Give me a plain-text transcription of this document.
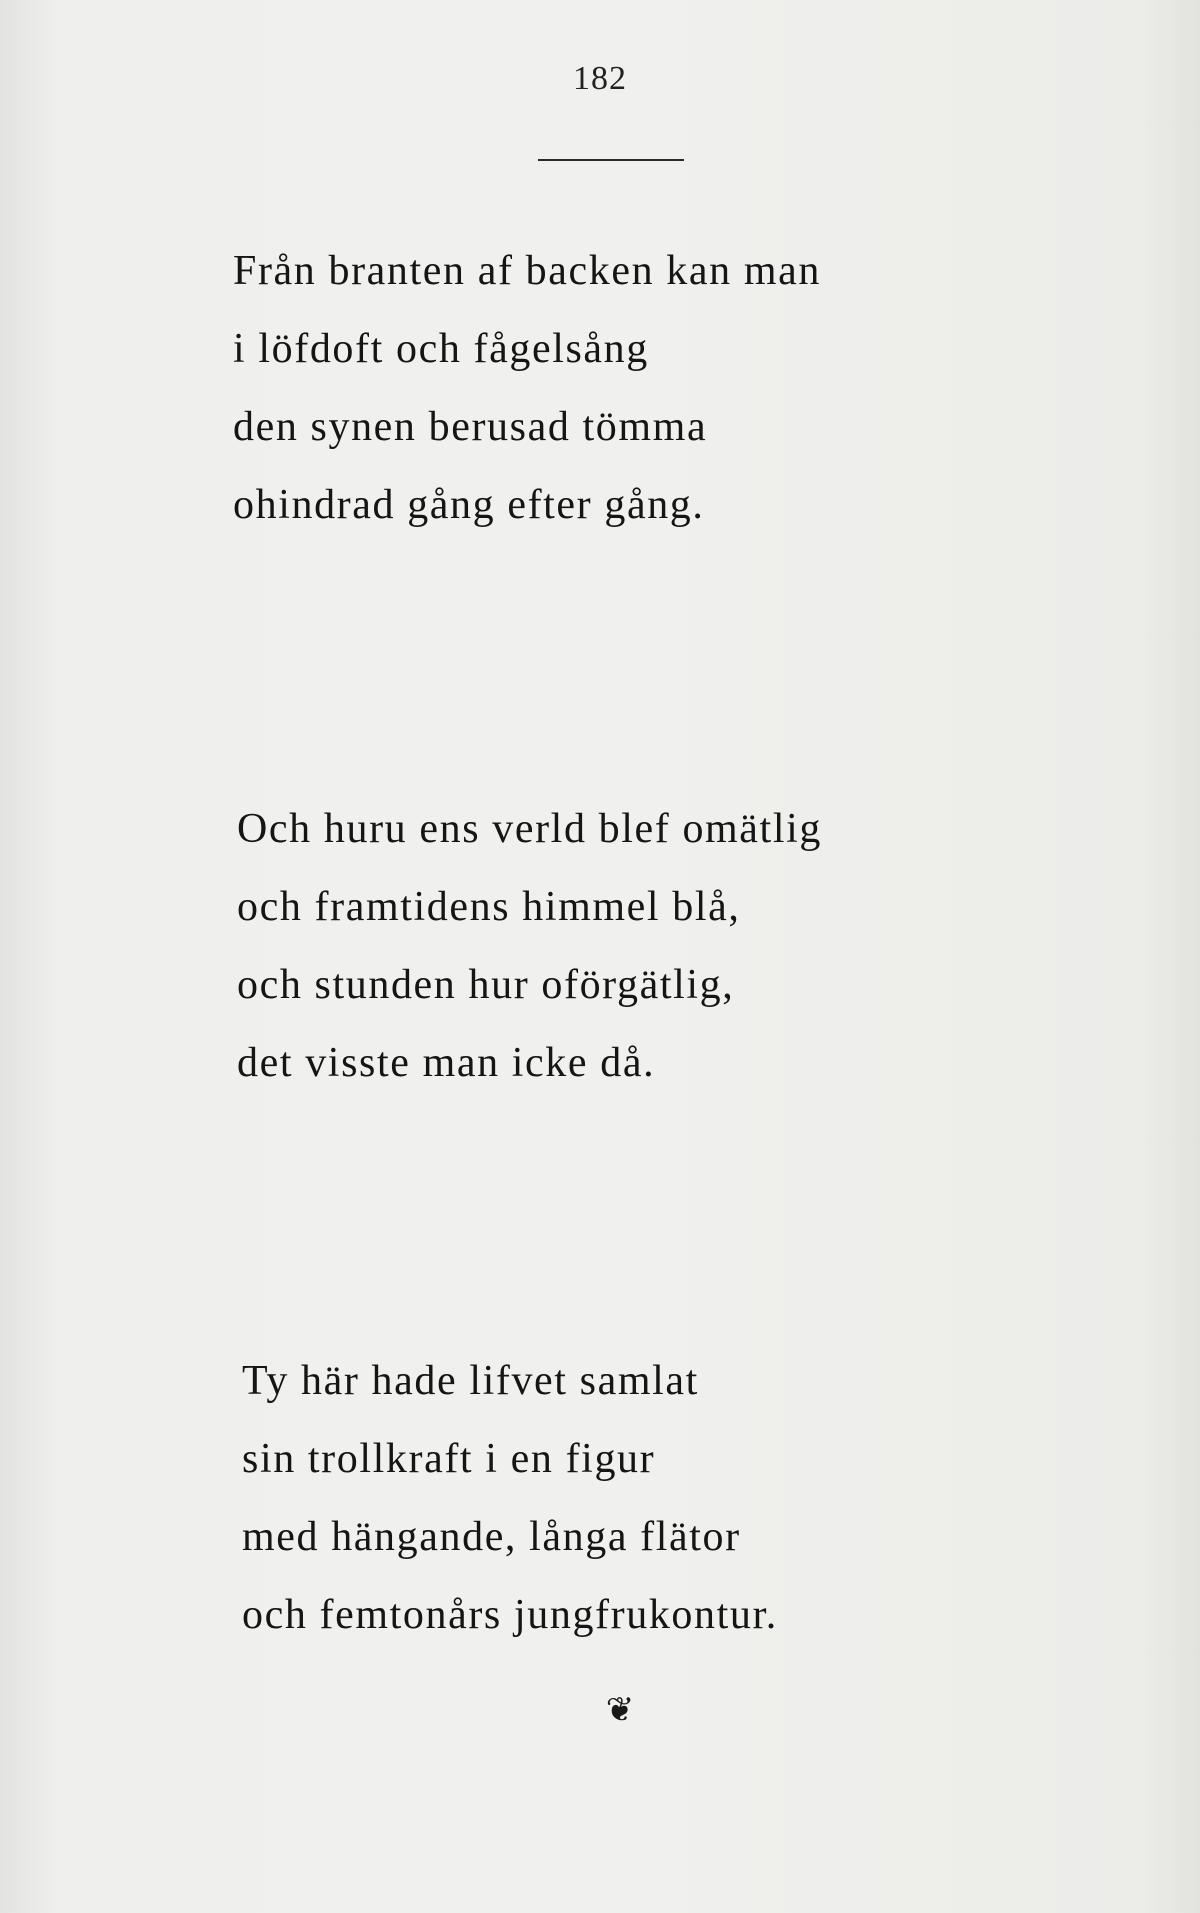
182
Från branten af backen kan man
i löfdoft och fågelsång
den synen berusad tömma
ohindrad gång efter gång.
Och huru ens verld blef omätlig
och framtidens himmel blå,
och stunden hur oförgätlig,
det visste man icke då.
Ty här hade lifvet samlat
sin trollkraft i en figur
med hängande, långa flätor
och femtonårs jungfrukontur.
❦
